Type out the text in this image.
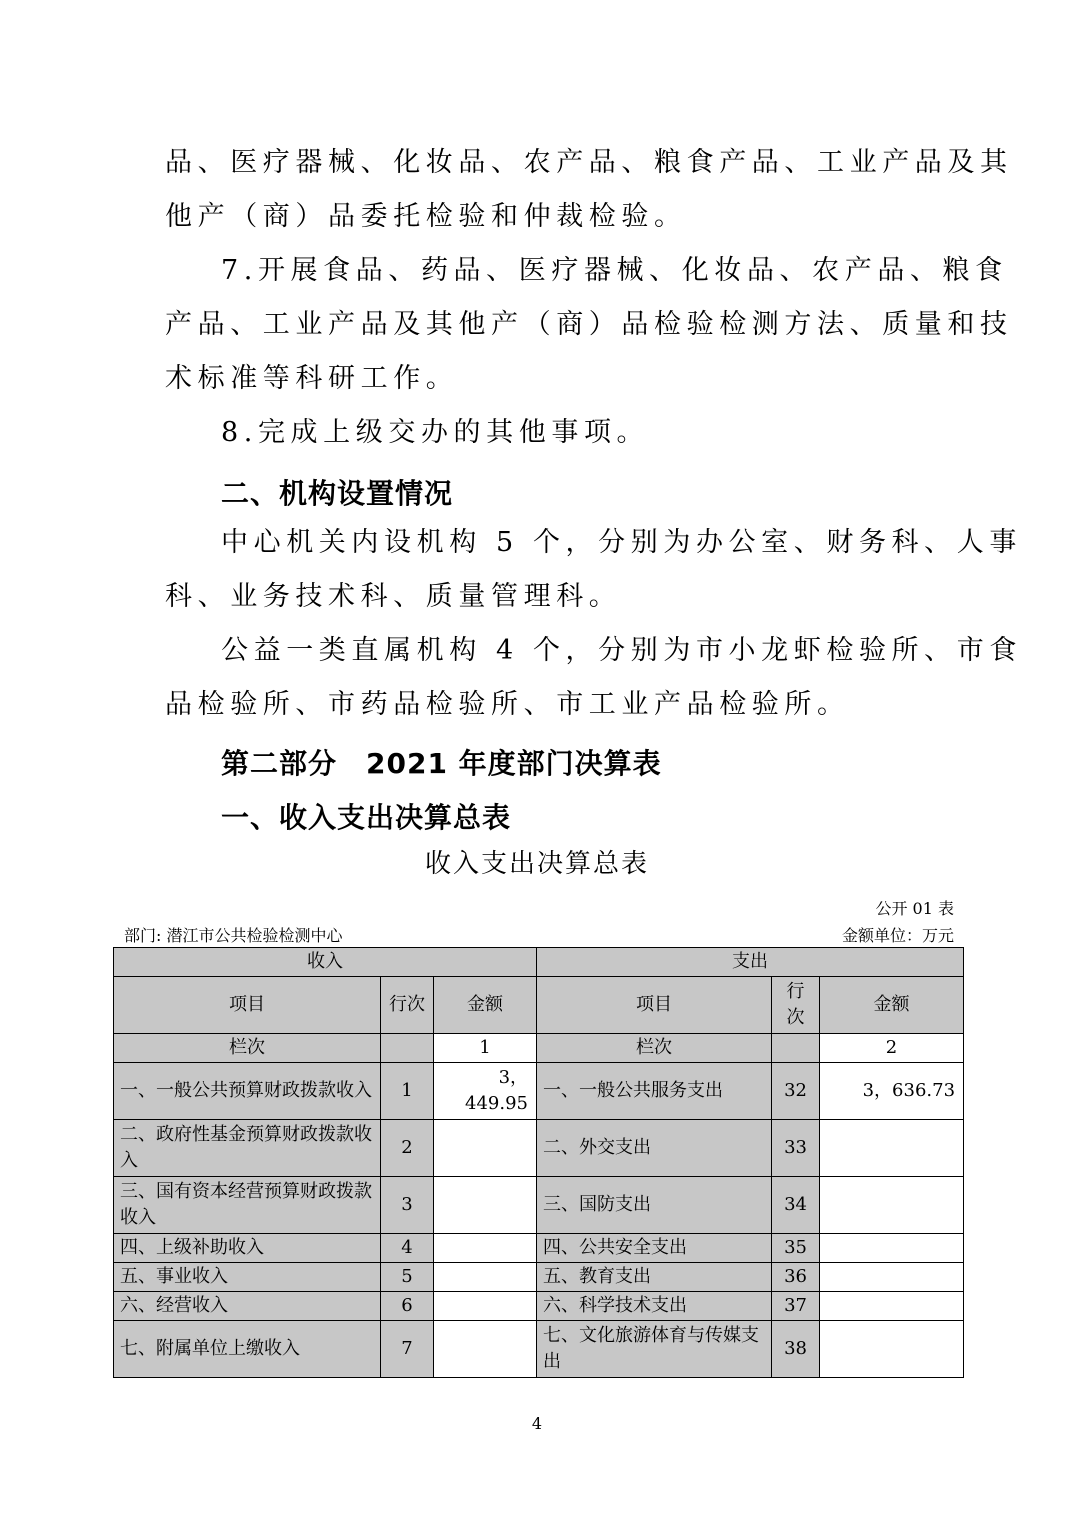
品、医疗器械、化妆品、农产品、粮食产品、工业产品及其
他产（商）品委托检验和仲裁检验。
7.开展食品、药品、医疗器械、化妆品、农产品、粮食
产品、工业产品及其他产（商）品检验检测方法、质量和技
术标准等科研工作。
8.完成上级交办的其他事项。
二、机构设置情况
中心机关内设机构 5 个，分别为办公室、财务科、人事
科、业务技术科、质量管理科。
公益一类直属机构 4 个，分别为市小龙虾检验所、市食
品检验所、市药品检验所、市工业产品检验所。
第二部分　2021 年度部门决算表
一、收入支出决算总表
收入支出决算总表
公开 01 表
部门: 潜江市公共检验检测中心	金额单位：万元
收入			支出		
项目	行次	金额	项目	行次	金额
栏次		1	栏次		2
一、一般公共预算财政拨款收入	1	3，449.95	一、一般公共服务支出	32	3，636.73
二、政府性基金预算财政拨款收入	2		二、外交支出	33	
三、国有资本经营预算财政拨款收入	3		三、国防支出	34	
四、上级补助收入	4		四、公共安全支出	35	
五、事业收入	5		五、教育支出	36	
六、经营收入	6		六、科学技术支出	37	
七、附属单位上缴收入	7		七、文化旅游体育与传媒支出	38	
4
